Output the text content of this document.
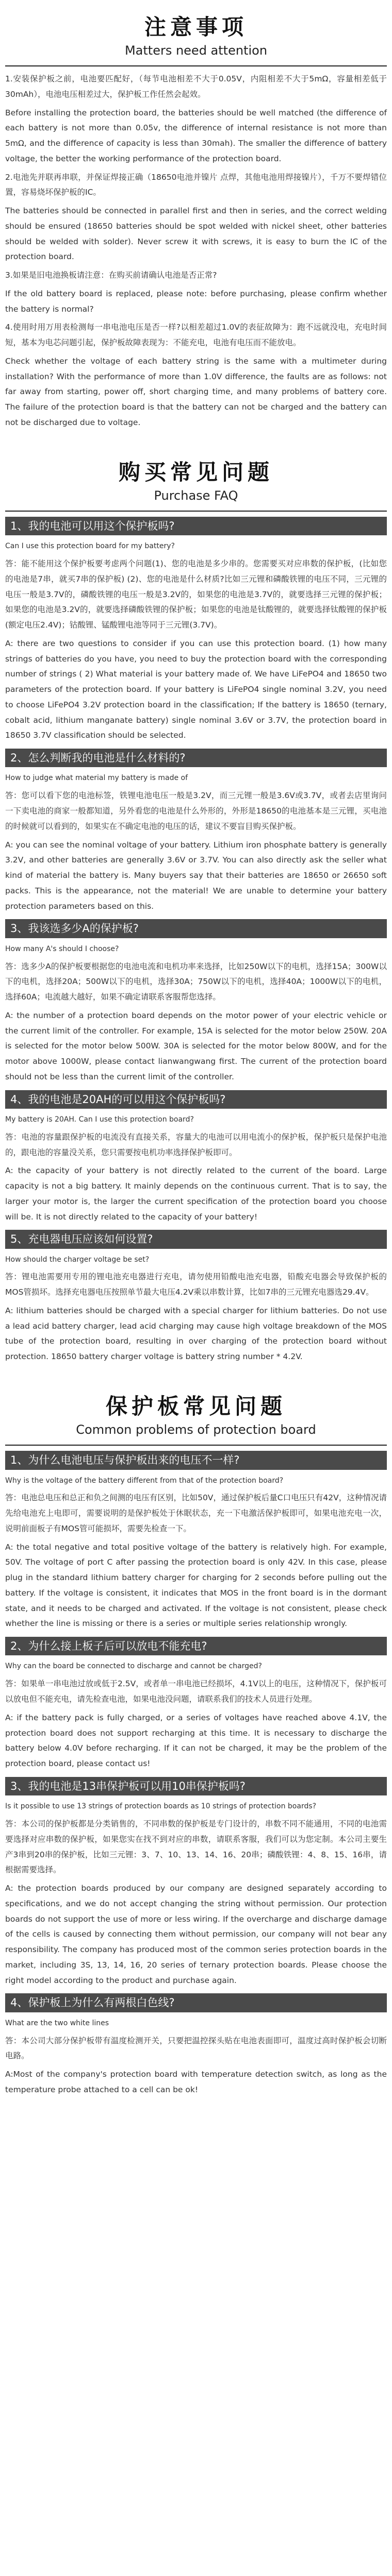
注意事项
Matters need attention

1.安装保护板之前，电池要匹配好，（每节电池相差不大于0.05V，内阻相差不大于5mΩ，容量相差低于30mAh），电池电压相差过大，保护板工作任然会起效。

Before installing the protection board, the batteries should be well matched (the difference of each battery is not more than 0.05v, the difference of internal resistance is not more than 5mΩ, and the difference of capacity is less than 30mah). The smaller the difference of battery voltage, the better the working performance of the protection board.

2.电池先并联再串联，并保证焊接正确（18650电池并镍片 点焊，其他电池用焊接镍片），千万不要焊错位置，容易烧坏保护板的IC。

The batteries should be connected in parallel first and then in series, and the correct welding should be ensured (18650 batteries should be spot welded with nickel sheet, other batteries should be welded with solder). Never screw it with screws, it is easy to burn the IC of the protection board.

3.如果是旧电池换板请注意：在购买前请确认电池是否正常?

If the old battery board is replaced, please note: before purchasing, please confirm whether the battery is normal?

4.使用时用万用表检测每一串电池电压是否一样?以相差超过1.0V的表征故障为：跑不远就没电，充电时间短，基本为电芯问题引起，保护板故障表现为：不能充电，电池有电压而不能放电。

Check whether the voltage of each battery string is the same with a multimeter during installation? With the performance of more than 1.0V difference, the faults are as follows: not far away from starting, power off, short charging time, and many problems of battery core. The failure of the protection board is that the battery can not be charged and the battery can not be discharged due to voltage.

购买常见问题
Purchase FAQ
1、我的电池可以用这个保护板吗?

Can I use this protection board for my battery?

答：能不能用这个保护板要考虑两个问题(1)、您的电池是多少串的。您需要买对应串数的保护板，(比如您的电池是7串，就买7串的保护板) (2)、您的电池是什么材质?比如三元锂和磷酸铁锂的电压不同，三元锂的电压一般是3.7V的，磷酸铁锂的电压一般是3.2V的，如果您的电池是3.7V的，就要选择三元锂的保护板；如果您的电池是3.2V的，就要选择磷酸铁锂的保护板；如果您的电池是钛酸锂的，就要选择钛酸锂的保护板(额定电压2.4V)；钴酸锂、锰酸锂电池等同于三元锂(3.7V)。

A: there are two questions to consider if you can use this protection board. (1) how many strings of batteries do you have, you need to buy the protection board with the corresponding number of strings ( 2) What material is your battery made of. We have LiFePO4 and 18650 two parameters of the protection board. If your battery is LiFePO4 single nominal 3.2V, you need to choose LiFePO4 3.2V protection board in the classification; If the battery is 18650 (ternary, cobalt acid, lithium manganate battery) single nominal 3.6V or 3.7V, the protection board in 18650 3.7V classification should be selected.

2、怎么判断我的电池是什么材料的?

How to judge what material my battery is made of

答：您可以看下您的电池标签，铁锂电池电压一般是3.2V，而三元锂一般是3.6V或3.7V，或者去店里询问一下卖电池的商家一般都知道，另外看您的电池是什么外形的，外形是18650的电池基本是三元锂，买电池的时候就可以看到的，如果实在不确定电池的电压的话，建议不要盲目购买保护板。

A: you can see the nominal voltage of your battery. Lithium iron phosphate battery is generally 3.2V, and other batteries are generally 3.6V or 3.7V. You can also directly ask the seller what kind of material the battery is. Many buyers say that their batteries are 18650 or 26650 soft packs. This is the appearance, not the material! We are unable to determine your battery protection parameters based on this.

3、我该选多少A的保护板?

How many A's should I choose?

答：选多少A的保护板要根据您的电池电流和电机功率来选择，比如250W以下的电机，选择15A；300W以下的电机，选择20A；500W以下的电机，选择30A；750W以下的电机，选择40A；1000W以下的电机，选择60A；电流越大越好，如果不确定请联系客服帮您选择。

A: the number of a protection board depends on the motor power of your electric vehicle or the current limit of the controller. For example, 15A is selected for the motor below 250W. 20A is selected for the motor below 500W. 30A is selected for the motor below 800W, and for the motor above 1000W, please contact lianwangwang first. The current of the protection board should not be less than the current limit of the controller.

4、我的电池是20AH的可以用这个保护板吗?

My battery is 20AH. Can I use this protection board?

答：电池的容量跟保护板的电流没有直接关系，容量大的电池可以用电流小的保护板，保护板只是保护电池的，跟电池的容量没关系，您只需要按电机功率选择保护板即可。

A: the capacity of your battery is not directly related to the current of the board. Large capacity is not a big battery. It mainly depends on the continuous current. That is to say, the larger your motor is, the larger the current specification of the protection board you choose will be. It is not directly related to the capacity of your battery!

5、充电器电压应该如何设置?

How should the charger voltage be set?

答：锂电池需要用专用的锂电池充电器进行充电，请勿使用铅酸电池充电器，铅酸充电器会导致保护板的MOS管损坏。选择充电器电压按照单节最大电压4.2V乘以串数计算，比如7串的三元锂充电器选29.4V。

A: lithium batteries should be charged with a special charger for lithium batteries. Do not use a lead acid battery charger, lead acid charging may cause high voltage breakdown of the MOS tube of the protection board, resulting in over charging of the protection board without protection. 18650 battery charger voltage is battery string number * 4.2V.

保护板常见问题
Common problems of protection board
1、为什么电池电压与保护板出来的电压不一样?

Why is the voltage of the battery different from that of the protection board?

答：电池总电压和总正和负之间测的电压有区别，比如50V，通过保护板后量C口电压只有42V，这种情况请先给电池充上电即可，需要说明的是保护板处于休眠状态，充一下电激活保护板即可，如果电池充电一次，说明前面板子有MOS管可能损坏，需要先检查一下。

A: the total negative and total positive voltage of the battery is relatively high. For example, 50V. The voltage of port C after passing the protection board is only 42V. In this case, please plug in the standard lithium battery charger for charging for 2 seconds before pulling out the battery. If the voltage is consistent, it indicates that MOS in the front board is in the dormant state, and it needs to be charged and activated. If the voltage is not consistent, please check whether the line is missing or there is a series or multiple series relationship wrongly.

2、为什么接上板子后可以放电不能充电?

Why can the board be connected to discharge and cannot be charged?

答：如果单一串电池过放或低于2.5V，或者单一串电池已经损坏，4.1V以上的电压，这种情况下，保护板可以放电但不能充电，请先检查电池，如果电池没问题，请联系我们的技术人员进行处理。

A: if the battery pack is fully charged, or a series of voltages have reached above 4.1V, the protection board does not support recharging at this time. It is necessary to discharge the battery below 4.0V before recharging. If it can not be charged, it may be the problem of the protection board, please contact us!

3、我的电池是13串保护板可以用10串保护板吗?

Is it possible to use 13 strings of protection boards as 10 strings of protection boards?

答：本公司的保护板都是分类销售的，不同串数的保护板是专门设计的，串数不同不能通用，不同的电池需要选择对应串数的保护板，如果您实在找不到对应的串数，请联系客服，我们可以为您定制。本公司主要生产3串到20串的保护板，比如三元锂：3、7、10、13、14、16、20串；磷酸铁锂：4、8、15、16串，请根据需要选择。

A: the protection boards produced by our company are designed separately according to specifications, and we do not accept changing the string without permission. Our protection boards do not support the use of more or less wiring. If the overcharge and discharge damage of the cells is caused by connecting them without permission, our company will not bear any responsibility. The company has produced most of the common series protection boards in the market, including 3S, 13, 14, 16, 20 series of ternary protection boards. Please choose the right model according to the product and purchase again.

4、保护板上为什么有两根白色线?

What are the two white lines

答：本公司大部分保护板带有温度检测开关，只要把温控探头贴在电池表面即可，温度过高时保护板会切断电路。

A:Most of the company's protection board with temperature detection switch, as long as the temperature probe attached to a cell can be ok!
